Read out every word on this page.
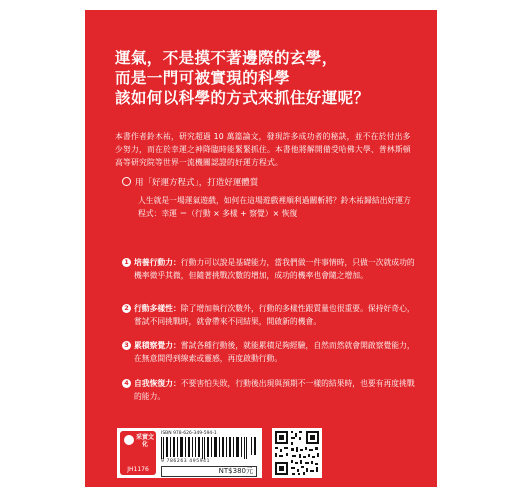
運氣，不是摸不著邊際的玄學，
而是一門可被實現的科學
該如何以科學的方式來抓住好運呢？
本書作者鈴木祐，研究超過 10 萬篇論文，發現許多成功者的秘訣，並不在於付出多少努力，而在於幸運之神降臨時能緊緊抓住。本書他將解開備受哈佛大學、普林斯頓高等研究院等世界一流機關認證的好運方程式。
用「好運方程式」，打造好運體質
人生就是一場運氣遊戲，如何在這場遊戲裡順利過關斬將？鈴木祐歸結出好運方程式：幸運 ＝（行動 × 多樣 + 察覺）× 恢復
1 培養行動力：行動力可以說是基礎能力，當我們做一件事情時，只做一次就成功的機率微乎其微，但隨著挑戰次數的增加，成功的機率也會隨之增加。
2 行動多樣性：除了增加執行次數外，行動的多樣性跟質量也很重要。保持好奇心，嘗試不同挑戰時，就會帶來不同結果，開啟新的機會。
3 累積察覺力：嘗試各種行動後，就能累積足夠經驗，自然而然就會開啟察覺能力，在無意間得到線索或靈感，再度啟動行動。
4 自我恢復力：不要害怕失敗，行動後出現與預期不一樣的結果時，也要有再度挑戰的能力。
采實文化
JH1176
ISBN 978-626-349-594-1
9 786263 495941
NT$380元
